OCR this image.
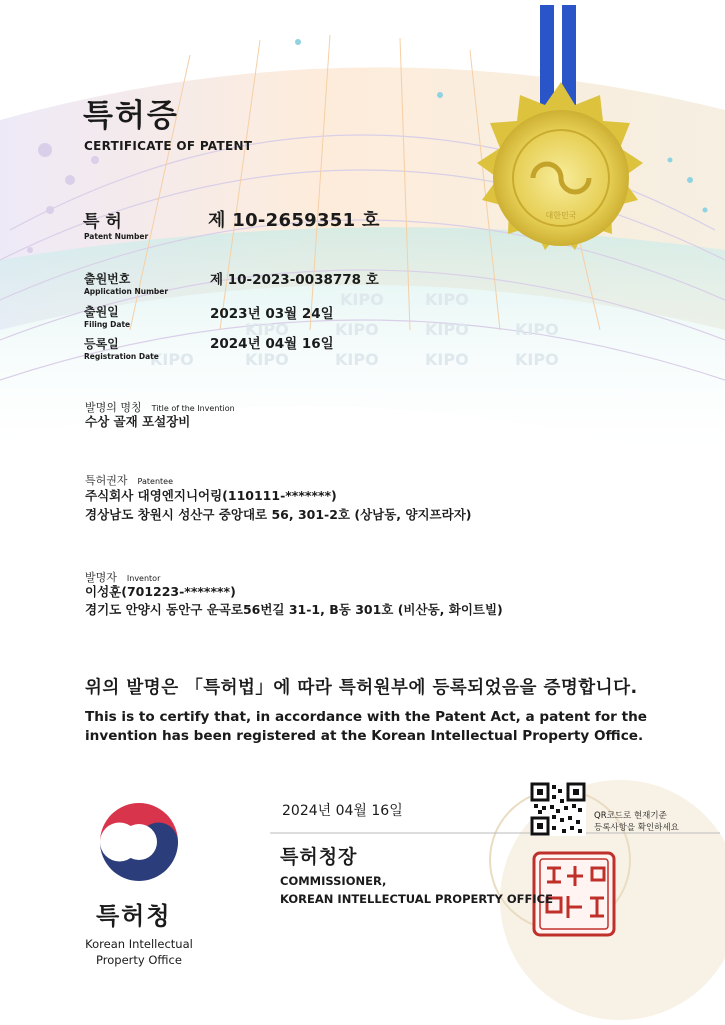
대한민국
KIPO	KIPO
KIPO	KIPO	KIPO	KIPO
KIPO	KIPO	KIPO	KIPO	KIPO
특허증
CERTIFICATE OF PATENT
특 허
Patent Number
제 10-2659351 호
출원번호
Application Number
제 10-2023-0038778 호
출원일
Filing Date
2023년 03월 24일
등록일
Registration Date
2024년 04월 16일
발명의 명칭 Title of the Invention
수상 골재 포설장비
특허권자 Patentee
주식회사 대영엔지니어링(110111-*******)
경상남도 창원시 성산구 중앙대로 56, 301-2호 (상남동, 양지프라자)
발명자 Inventor
이성훈(701223-*******)
경기도 안양시 동안구 운곡로56번길 31-1, B동 301호 (비산동, 화이트빌)
위의 발명은 「특허법」에 따라 특허원부에 등록되었음을 증명합니다.
This is to certify that, in accordance with the Patent Act, a patent for the invention has been registered at the Korean Intellectual Property Office.
2024년 04월 16일	QR코드로 현재기준
등록사항을 확인하세요
특허청장
COMMISSIONER,
KOREAN INTELLECTUAL PROPERTY OFFICE
특허청
Korean Intellectual
Property Office
